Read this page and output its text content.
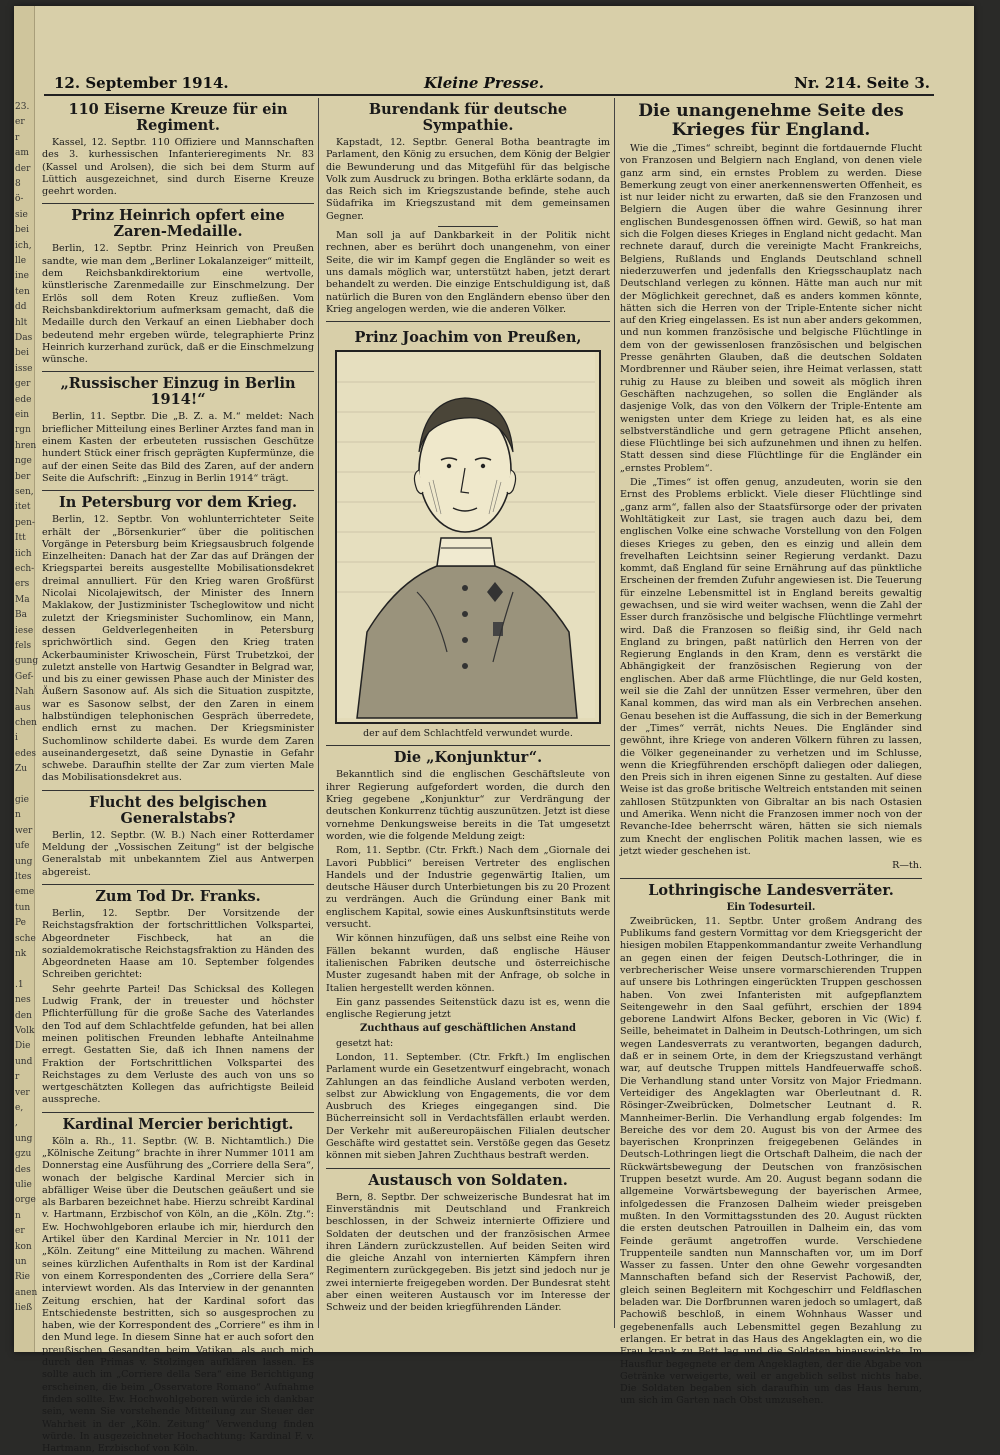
23.
er
r
am
der
8
ö-
sie
bei
ich,
lle
ine
ten
dd
hlt
Das
bei
isse
ger
ede
ein
rgn
hren
nge
ber
sen,
itet
pen-
Itt
iich
ech-
ers
Ma
Ba
iese
fels
gung
Gef-
Nah
aus
chen
i
edes
Zu
gie
n
wer
ufe
ung
ltes
eme
tun
Pe
sche
nk
.1
nes
den
Volk
Die
und
r
ver
e,
,
ung
gzu
des
ulie
orge
n
er
kon
un
Rie
anen
ließ
12. September 1914.	Kleine Presse.	Nr. 214. Seite 3.
110 Eiserne Kreuze für ein Regiment.

Kassel, 12. Septbr. 110 Offiziere und Mannschaften des 3. kurhessischen Infanterieregiments Nr. 83 (Kassel und Arolsen), die sich bei dem Sturm auf Lüttich ausgezeichnet, sind durch Eiserne Kreuze geehrt worden.

Prinz Heinrich opfert eine Zaren-Medaille.

Berlin, 12. Septbr. Prinz Heinrich von Preußen sandte, wie man dem „Berliner Lokalanzeiger“ mitteilt, dem Reichsbankdirektorium eine wertvolle, künstlerische Zarenmedaille zur Einschmelzung. Der Erlös soll dem Roten Kreuz zufließen. Vom Reichsbankdirektorium aufmerksam gemacht, daß die Medaille durch den Verkauf an einen Liebhaber doch bedeutend mehr ergeben würde, telegraphierte Prinz Heinrich kurzerhand zurück, daß er die Einschmelzung wünsche.

„Russischer Einzug in Berlin 1914!“

Berlin, 11. Septbr. Die „B. Z. a. M.“ meldet: Nach brieflicher Mitteilung eines Berliner Arztes fand man in einem Kasten der erbeuteten russischen Geschütze hundert Stück einer frisch geprägten Kupfermünze, die auf der einen Seite das Bild des Zaren, auf der andern Seite die Aufschrift: „Einzug in Berlin 1914“ trägt.

In Petersburg vor dem Krieg.

Berlin, 12. Septbr. Von wohlunterrichteter Seite erhält der „Börsenkurier“ über die politischen Vorgänge in Petersburg beim Kriegsausbruch folgende Einzelheiten: Danach hat der Zar das auf Drängen der Kriegspartei bereits ausgestellte Mobilisationsdekret dreimal annulliert. Für den Krieg waren Großfürst Nicolai Nicolajewitsch, der Minister des Innern Maklakow, der Justizminister Tscheglowitow und nicht zuletzt der Kriegsminister Suchomlinow, ein Mann, dessen Geldverlegenheiten in Petersburg sprichwörtlich sind. Gegen den Krieg traten Ackerbauminister Kriwoschein, Fürst Trubetzkoi, der zuletzt anstelle von Hartwig Gesandter in Belgrad war, und bis zu einer gewissen Phase auch der Minister des Äußern Sasonow auf. Als sich die Situation zuspitzte, war es Sasonow selbst, der den Zaren in einem halbstündigen telephonischen Gespräch überredete, endlich ernst zu machen. Der Kriegsminister Suchomlinow schilderte dabei. Es wurde dem Zaren auseinandergesetzt, daß seine Dynastie in Gefahr schwebe. Daraufhin stellte der Zar zum vierten Male das Mobilisationsdekret aus.

Flucht des belgischen Generalstabs?

Berlin, 12. Septbr. (W. B.) Nach einer Rotterdamer Meldung der „Vossischen Zeitung“ ist der belgische Generalstab mit unbekanntem Ziel aus Antwerpen abgereist.

Zum Tod Dr. Franks.

Berlin, 12. Septbr. Der Vorsitzende der Reichstagsfraktion der fortschrittlichen Volkspartei, Abgeordneter Fischbeck, hat an die sozialdemokratische Reichstagsfraktion zu Händen des Abgeordneten Haase am 10. September folgendes Schreiben gerichtet:

Sehr geehrte Partei! Das Schicksal des Kollegen Ludwig Frank, der in treuester und höchster Pflichterfüllung für die große Sache des Vaterlandes den Tod auf dem Schlachtfelde gefunden, hat bei allen meinen politischen Freunden lebhafte Anteilnahme erregt. Gestatten Sie, daß ich Ihnen namens der Fraktion der Fortschrittlichen Volkspartei des Reichstages zu dem Verluste des auch von uns so wertgeschätzten Kollegen das aufrichtigste Beileid ausspreche.

Kardinal Mercier berichtigt.

Köln a. Rh., 11. Septbr. (W. B. Nichtamtlich.) Die „Kölnische Zeitung“ brachte in ihrer Nummer 1011 am Donnerstag eine Ausführung des „Corriere della Sera“, wonach der belgische Kardinal Mercier sich in abfälliger Weise über die Deutschen geäußert und sie als Barbaren bezeichnet habe. Hierzu schreibt Kardinal v. Hartmann, Erzbischof von Köln, an die „Köln. Ztg.“: Ew. Hochwohlgeboren erlaube ich mir, hierdurch den Artikel über den Kardinal Mercier in Nr. 1011 der „Köln. Zeitung“ eine Mitteilung zu machen. Während seines kürzlichen Aufenthalts in Rom ist der Kardinal von einem Korrespondenten des „Corriere della Sera“ interviewt worden. Als das Interview in der genannten Zeitung erschien, hat der Kardinal sofort das Entschiedenste bestritten, sich so ausgesprochen zu haben, wie der Korrespondent des „Corriere“ es ihm in den Mund lege. In diesem Sinne hat er auch sofort den preußischen Gesandten beim Vatikan, als auch mich durch den Primas v. Stolzingen aufklären lassen. Es sollte auch im „Corriere della Sera“ eine Berichtigung erscheinen, die beim „Osservatore Romano“ Aufnahme finden sollte. Ew. Hochwohlgeboren würde ich dankbar sein, wenn Sie vorstehende Mitteilung zur Steuer der Wahrheit in der „Köln. Zeitung“ Verwendung finden würde. In ausgezeichneter Hochachtung: Kardinal F. v. Hartmann, Erzbischof von Köln.

Burendank für deutsche Sympathie.

Kapstadt, 12. Septbr. General Botha beantragte im Parlament, den König zu ersuchen, dem König der Belgier die Bewunderung und das Mitgefühl für das belgische Volk zum Ausdruck zu bringen. Botha erklärte sodann, da das Reich sich im Kriegszustande befinde, stehe auch Südafrika im Kriegszustand mit dem gemeinsamen Gegner.

Man soll ja auf Dankbarkeit in der Politik nicht rechnen, aber es berührt doch unangenehm, von einer Seite, die wir im Kampf gegen die Engländer so weit es uns damals möglich war, unterstützt haben, jetzt derart behandelt zu werden. Die einzige Entschuldigung ist, daß natürlich die Buren von den Engländern ebenso über den Krieg angelogen werden, wie die anderen Völker.

Prinz Joachim von Preußen,
der auf dem Schlachtfeld verwundet wurde.
Die „Konjunktur“.

Bekanntlich sind die englischen Geschäftsleute von ihrer Regierung aufgefordert worden, die durch den Krieg gegebene „Konjunktur“ zur Verdrängung der deutschen Konkurrenz tüchtig auszunützen. Jetzt ist diese vornehme Denkungsweise bereits in die Tat umgesetzt worden, wie die folgende Meldung zeigt:

Rom, 11. Septbr. (Ctr. Frkft.) Nach dem „Giornale dei Lavori Pubblici“ bereisen Vertreter des englischen Handels und der Industrie gegenwärtig Italien, um deutsche Häuser durch Unterbietungen bis zu 20 Prozent zu verdrängen. Auch die Gründung einer Bank mit englischem Kapital, sowie eines Auskunftsinstituts werde versucht.

Wir können hinzufügen, daß uns selbst eine Reihe von Fällen bekannt wurden, daß englische Häuser italienischen Fabriken deutsche und österreichische Muster zugesandt haben mit der Anfrage, ob solche in Italien hergestellt werden können.

Ein ganz passendes Seitenstück dazu ist es, wenn die englische Regierung jetzt

Zuchthaus auf geschäftlichen Anstand

gesetzt hat:

London, 11. September. (Ctr. Frkft.) Im englischen Parlament wurde ein Gesetzentwurf eingebracht, wonach Zahlungen an das feindliche Ausland verboten werden, selbst zur Abwicklung von Engagements, die vor dem Ausbruch des Krieges eingegangen sind. Die Bücherreinsicht soll in Verdachtsfällen erlaubt werden. Der Verkehr mit außereuropäischen Filialen deutscher Geschäfte wird gestattet sein. Verstöße gegen das Gesetz können mit sieben Jahren Zuchthaus bestraft werden.

Austausch von Soldaten.

Bern, 8. Septbr. Der schweizerische Bundesrat hat im Einverständnis mit Deutschland und Frankreich beschlossen, in der Schweiz internierte Offiziere und Soldaten der deutschen und der französischen Armee ihren Ländern zurückzustellen. Auf beiden Seiten wird die gleiche Anzahl von internierten Kämpfern ihren Regimentern zurückgegeben. Bis jetzt sind jedoch nur je zwei internierte freigegeben worden. Der Bundesrat steht aber einen weiteren Austausch vor im Interesse der Schweiz und der beiden kriegführenden Länder.

Die unangenehme Seite des Krieges für England.

Wie die „Times“ schreibt, beginnt die fortdauernde Flucht von Franzosen und Belgiern nach England, von denen viele ganz arm sind, ein ernstes Problem zu werden. Diese Bemerkung zeugt von einer anerkennenswerten Offenheit, es ist nur leider nicht zu erwarten, daß sie den Franzosen und Belgiern die Augen über die wahre Gesinnung ihrer englischen Bundesgenossen öffnen wird. Gewiß, so hat man sich die Folgen dieses Krieges in England nicht gedacht. Man rechnete darauf, durch die vereinigte Macht Frankreichs, Belgiens, Rußlands und Englands Deutschland schnell niederzuwerfen und jedenfalls den Kriegsschauplatz nach Deutschland verlegen zu können. Hätte man auch nur mit der Möglichkeit gerechnet, daß es anders kommen könnte, hätten sich die Herren von der Triple-Entente sicher nicht auf den Krieg eingelassen. Es ist nun aber anders gekommen, und nun kommen französische und belgische Flüchtlinge in dem von der gewissenlosen französischen und belgischen Presse genährten Glauben, daß die deutschen Soldaten Mordbrenner und Räuber seien, ihre Heimat verlassen, statt ruhig zu Hause zu bleiben und soweit als möglich ihren Geschäften nachzugehen, so sollen die Engländer als dasjenige Volk, das von den Völkern der Triple-Entente am wenigsten unter dem Kriege zu leiden hat, es als eine selbstverständliche und gern getragene Pflicht ansehen, diese Flüchtlinge bei sich aufzunehmen und ihnen zu helfen. Statt dessen sind diese Flüchtlinge für die Engländer ein „ernstes Problem“.

Die „Times“ ist offen genug, anzudeuten, worin sie den Ernst des Problems erblickt. Viele dieser Flüchtlinge sind „ganz arm“, fallen also der Staatsfürsorge oder der privaten Wohltätigkeit zur Last, sie tragen auch dazu bei, dem englischen Volke eine schwache Vorstellung von den Folgen dieses Krieges zu geben, den es einzig und allein dem frevelhaften Leichtsinn seiner Regierung verdankt. Dazu kommt, daß England für seine Ernährung auf das pünktliche Erscheinen der fremden Zufuhr angewiesen ist. Die Teuerung für einzelne Lebensmittel ist in England bereits gewaltig gewachsen, und sie wird weiter wachsen, wenn die Zahl der Esser durch französische und belgische Flüchtlinge vermehrt wird. Daß die Franzosen so fleißig sind, ihr Geld nach England zu bringen, paßt natürlich den Herren von der Regierung Englands in den Kram, denn es verstärkt die Abhängigkeit der französischen Regierung von der englischen. Aber daß arme Flüchtlinge, die nur Geld kosten, weil sie die Zahl der unnützen Esser vermehren, über den Kanal kommen, das wird man als ein Verbrechen ansehen. Genau besehen ist die Auffassung, die sich in der Bemerkung der „Times“ verrät, nichts Neues. Die Engländer sind gewöhnt, ihre Kriege von anderen Völkern führen zu lassen, die Völker gegeneinander zu verhetzen und im Schlusse, wenn die Kriegführenden erschöpft daliegen oder daliegen, den Preis sich in ihren eigenen Sinne zu gestalten. Auf diese Weise ist das große britische Weltreich entstanden mit seinen zahllosen Stützpunkten von Gibraltar an bis nach Ostasien und Amerika. Wenn nicht die Franzosen immer noch von der Revanche-Idee beherrscht wären, hätten sie sich niemals zum Knecht der englischen Politik machen lassen, wie es jetzt wieder geschehen ist.

R—th.

Lothringische Landesverräter.
Ein Todesurteil.

Zweibrücken, 11. Septbr. Unter großem Andrang des Publikums fand gestern Vormittag vor dem Kriegsgericht der hiesigen mobilen Etappenkommandantur zweite Verhandlung an gegen einen der feigen Deutsch-Lothringer, die in verbrecherischer Weise unsere vormarschierenden Truppen auf unsere bis Lothringen eingerückten Truppen geschossen haben. Von zwei Infanteristen mit aufgepflanztem Seitengewehr in den Saal geführt, erschien der 1894 geborene Landwirt Alfons Becker, geboren in Vic (Wic) f. Seille, beheimatet in Dalheim in Deutsch-Lothringen, um sich wegen Landesverrats zu verantworten, begangen dadurch, daß er in seinem Orte, in dem der Kriegszustand verhängt war, auf deutsche Truppen mittels Handfeuerwaffe schoß. Die Verhandlung stand unter Vorsitz von Major Friedmann. Verteidiger des Angeklagten war Oberleutnant d. R. Rösinger-Zweibrücken, Dolmetscher Leutnant d. R. Mannheimer-Berlin. Die Verhandlung ergab folgendes: Im Bereiche des vor dem 20. August bis von der Armee des bayerischen Kronprinzen freigegebenen Geländes in Deutsch-Lothringen liegt die Ortschaft Dalheim, die nach der Rückwärtsbewegung der Deutschen von französischen Truppen besetzt wurde. Am 20. August begann sodann die allgemeine Vorwärtsbewegung der bayerischen Armee, infolgedessen die Franzosen Dalheim wieder preisgeben mußten. In den Vormittagsstunden des 20. August rückten die ersten deutschen Patrouillen in Dalheim ein, das vom Feinde geräumt angetroffen wurde. Verschiedene Truppenteile sandten nun Mannschaften vor, um im Dorf Wasser zu fassen. Unter den ohne Gewehr vorgesandten Mannschaften befand sich der Reservist Pachowiß, der, gleich seinen Begleitern mit Kochgeschirr und Feldflaschen beladen war. Die Dorfbrunnen waren jedoch so umlagert, daß Pachowiß beschloß, in einem Wohnhaus Wasser und gegebenenfalls auch Lebensmittel gegen Bezahlung zu erlangen. Er betrat in das Haus des Angeklagten ein, wo die Frau krank zu Bett lag und die Soldaten hinauswinkte. Im Hausflur begegnete er dem Angeklagten, der die Abgabe von Getränke verweigerte, weil er angeblich selbst nichts habe. Die Soldaten begaben sich daraufhin um das Haus herum, um sich im Garten nach Obst umzusehen.
